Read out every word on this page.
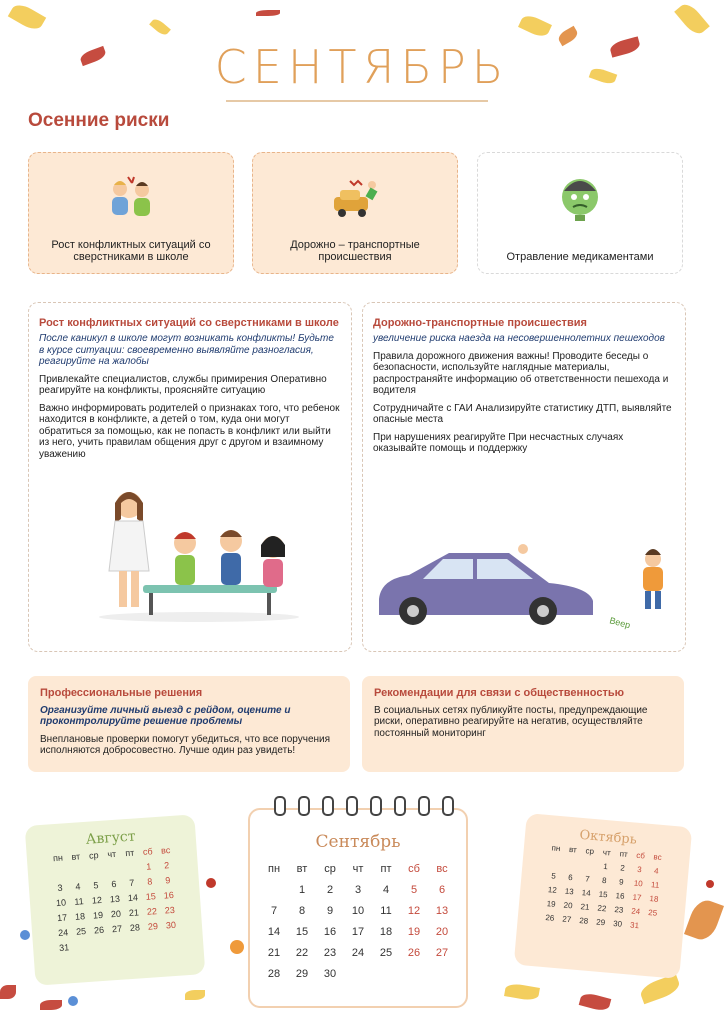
СЕНТЯБРЬ
Осенние риски
Рост конфликтных ситуаций со сверстниками в школе
Дорожно – транспортные происшествия	Отравление медикаментами
Рост конфликтных ситуаций со сверстниками в школе
После каникул в школе могут возникать конфликты! Будьте в курсе ситуации: своевременно выявляйте разногласия, реагируйте на жалобы
Привлекайте специалистов, службы примирения Оперативно реагируйте на конфликты, проясняйте ситуацию
Важно информировать родителей о признаках того, что ребенок находится в конфликте, а детей о том, куда они могут обратиться за помощью, как не попасть в конфликт или выйти из него, учить правилам общения друг с другом и взаимному уважению
Дорожно-транспортные происшествия
увеличение риска наезда на несовершеннолетних пешеходов
Правила дорожного движения важны! Проводите беседы о безопасности, используйте наглядные материалы, распространяйте информацию об ответственности пешехода и водителя
Сотрудничайте с ГАИ Анализируйте статистику ДТП, выявляйте опасные места
При нарушениях реагируйте При несчастных случаях оказывайте помощь и поддержку
Beep
Профессиональные решения
Организуйте личный выезд с рейдом, оцените и проконтролируйте решение проблемы
Внеплановые проверки помогут убедиться, что все поручения исполняются добросовестно. Лучше один раз увидеть!
Рекомендации для связи с общественностью
В социальных сетях публикуйте посты, предупреждающие риски, оперативно реагируйте на негатив, осуществляйте постоянный мониторинг
Август
пн	вт	ср	чт	пт	сб	вс
					1	2
3	4	5	6	7	8	9
10	11	12	13	14	15	16
17	18	19	20	21	22	23
24	25	26	27	28	29	30
31						
Сентябрь
пн	вт	ср	чт	пт	сб	вс
	1	2	3	4	5	6
7	8	9	10	11	12	13
14	15	16	17	18	19	20
21	22	23	24	25	26	27
28	29	30				
Октябрь
пн	вт	ср	чт	пт	сб	вс
			1	2	3	4
5	6	7	8	9	10	11
12	13	14	15	16	17	18
19	20	21	22	23	24	25
26	27	28	29	30	31	
